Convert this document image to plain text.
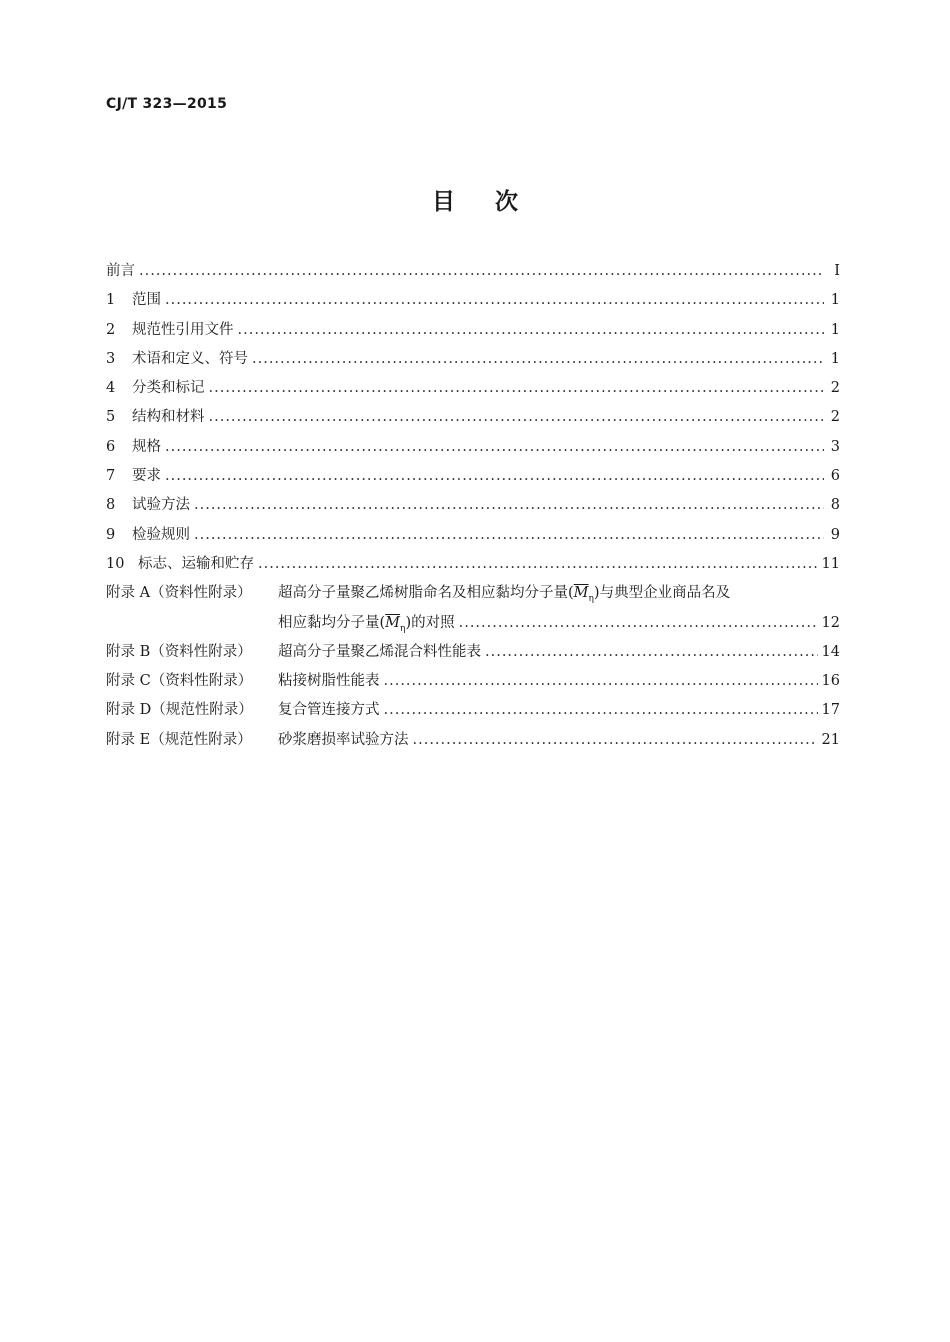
CJ/T 323—2015
目 次
前言 .....	Ⅰ
1 范围 .....	1
2 规范性引用文件 .....	1
3 术语和定义、符号 .....	1
4 分类和标记 .....	2
5 结构和材料 .....	2
6 规格 .....	3
7 要求 .....	6
8 试验方法 .....	8
9 检验规则 .....	9
10 标志、运输和贮存 .....	11
附录 A（资料性附录） 超高分子量聚乙烯树脂命名及相应黏均分子量$(\overline{M}_\eta)$与典型企业商品名及
相应黏均分子量$(\overline{M}_\eta)$的对照 .....	12
附录 B（资料性附录） 超高分子量聚乙烯混合料性能表 .....	14
附录 C（资料性附录） 粘接树脂性能表 .....	16
附录 D（规范性附录） 复合管连接方式 .....	17
附录 E（规范性附录） 砂浆磨损率试验方法 .....	21
